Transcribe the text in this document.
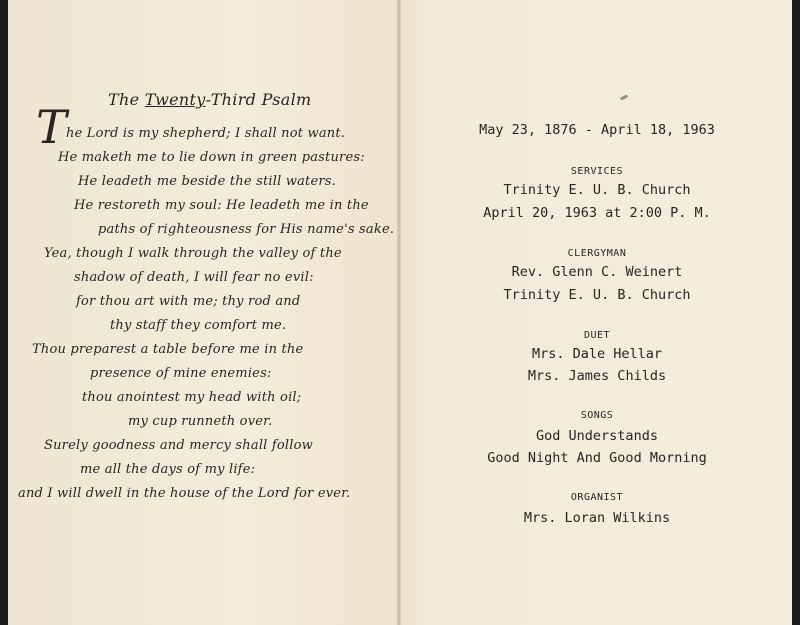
The Twenty-Third Psalm
T he Lord is my shepherd; I shall not want.
He maketh me to lie down in green pastures:
He leadeth me beside the still waters.
He restoreth my soul: He leadeth me in the
paths of righteousness for His name's sake.
Yea, though I walk through the valley of the
shadow of death, I will fear no evil:
for thou art with me; thy rod and
thy staff they comfort me.
Thou preparest a table before me in the
presence of mine enemies:
thou anointest my head with oil;
my cup runneth over.
Surely goodness and mercy shall follow
me all the days of my life:
and I will dwell in the house of the Lord for ever.
May 23, 1876 - April 18, 1963
SERVICES
Trinity E. U. B. Church
April 20, 1963 at 2:00 P. M.
CLERGYMAN
Rev. Glenn C. Weinert
Trinity E. U. B. Church
DUET
Mrs. Dale Hellar
Mrs. James Childs
SONGS
God Understands
Good Night And Good Morning
ORGANIST
Mrs. Loran Wilkins
